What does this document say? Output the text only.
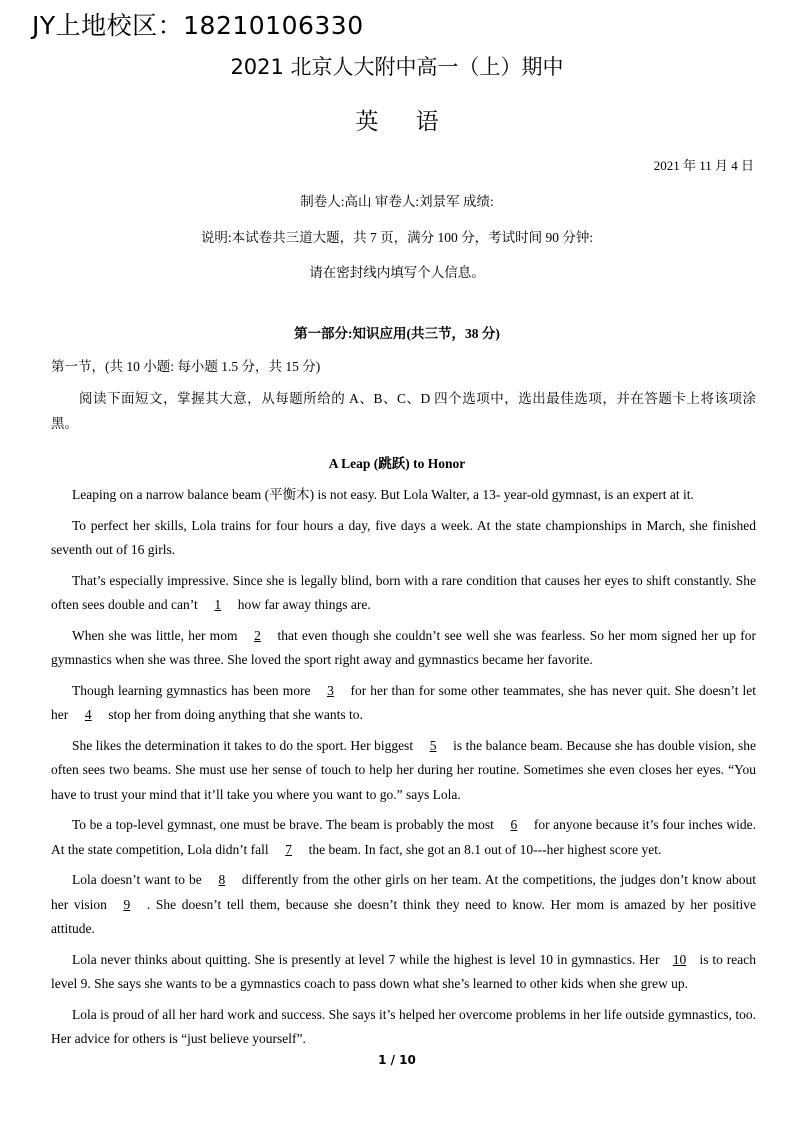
JY上地校区：18210106330
2021 北京人大附中高一（上）期中
英 语
2021 年 11 月 4 日
制卷人:高山 审卷人:刘景军 成绩:
说明:本试卷共三道大题，共 7 页，满分 100 分，考试时间 90 分钟:
请在密封线内填写个人信息。
第一部分:知识应用(共三节，38 分)
第一节，(共 10 小题: 每小题 1.5 分，共 15 分)
阅读下面短文，掌握其大意，从每题所给的 A、B、C、D 四个选项中，选出最佳选项，并在答题卡上将该项涂黑。
A Leap (跳跃) to Honor

Leaping on a narrow balance beam (平衡木) is not easy. But Lola Walter, a 13- year-old gymnast, is an expert at it.

To perfect her skills, Lola trains for four hours a day, five days a week. At the state championships in March, she finished seventh out of 16 girls.

That’s especially impressive. Since she is legally blind, born with a rare condition that causes her eyes to shift constantly. She often sees double and can’t 1 how far away things are.

When she was little, her mom 2 that even though she couldn’t see well she was fearless. So her mom signed her up for gymnastics when she was three. She loved the sport right away and gymnastics became her favorite.

Though learning gymnastics has been more 3 for her than for some other teammates, she has never quit. She doesn’t let her 4 stop her from doing anything that she wants to.

She likes the determination it takes to do the sport. Her biggest 5 is the balance beam. Because she has double vision, she often sees two beams. She must use her sense of touch to help her during her routine. Sometimes she even closes her eyes. “You have to trust your mind that it’ll take you where you want to go.” says Lola.

To be a top-level gymnast, one must be brave. The beam is probably the most 6 for anyone because it’s four inches wide. At the state competition, Lola didn’t fall 7 the beam. In fact, she got an 8.1 out of 10---her highest score yet.

Lola doesn’t want to be 8 differently from the other girls on her team. At the competitions, the judges don’t know about her vision 9 . She doesn’t tell them, because she doesn’t think they need to know. Her mom is amazed by her positive attitude.

Lola never thinks about quitting. She is presently at level 7 while the highest is level 10 in gymnastics. Her 10 is to reach level 9. She says she wants to be a gymnastics coach to pass down what she’s learned to other kids when she grew up.

Lola is proud of all her hard work and success. She says it’s helped her overcome problems in her life outside gymnastics, too. Her advice for others is “just believe yourself”.

1 / 10
